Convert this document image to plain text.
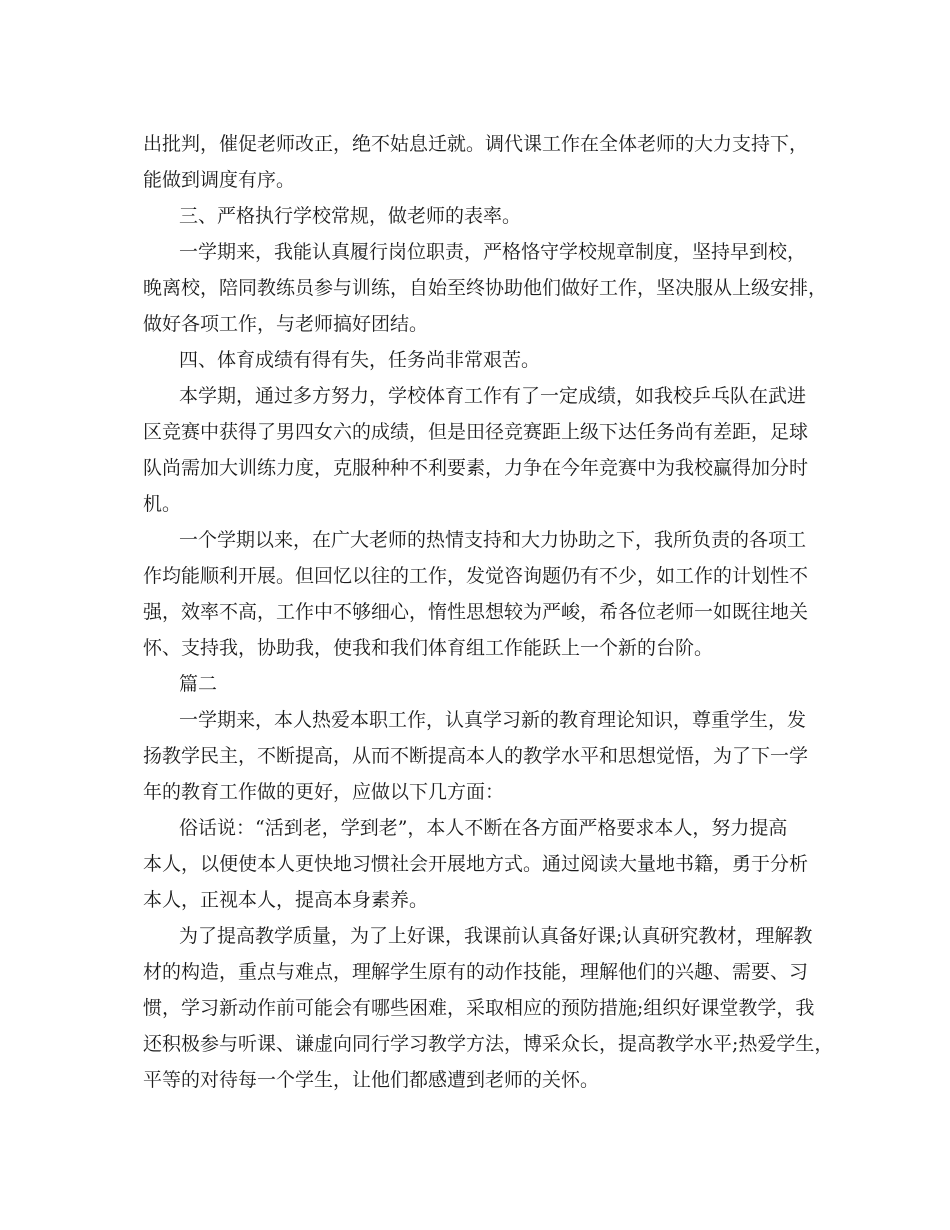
出批判，催促老师改正，绝不姑息迁就。调代课工作在全体老师的大力支持下，
能做到调度有序。
三、严格执行学校常规，做老师的表率。
一学期来，我能认真履行岗位职责，严格恪守学校规章制度，坚持早到校，
晚离校，陪同教练员参与训练，自始至终协助他们做好工作，坚决服从上级安排，
做好各项工作，与老师搞好团结。
四、体育成绩有得有失，任务尚非常艰苦。
本学期，通过多方努力，学校体育工作有了一定成绩，如我校乒乓队在武进
区竞赛中获得了男四女六的成绩，但是田径竞赛距上级下达任务尚有差距，足球
队尚需加大训练力度，克服种种不利要素，力争在今年竞赛中为我校赢得加分时
机。
一个学期以来，在广大老师的热情支持和大力协助之下，我所负责的各项工
作均能顺利开展。但回忆以往的工作，发觉咨询题仍有不少，如工作的计划性不
强，效率不高，工作中不够细心，惰性思想较为严峻，希各位老师一如既往地关
怀、支持我，协助我，使我和我们体育组工作能跃上一个新的台阶。
篇二
一学期来，本人热爱本职工作，认真学习新的教育理论知识，尊重学生，发
扬教学民主，不断提高，从而不断提高本人的教学水平和思想觉悟，为了下一学
年的教育工作做的更好，应做以下几方面：
俗话说：“活到老，学到老”，本人不断在各方面严格要求本人，努力提高
本人，以便使本人更快地习惯社会开展地方式。通过阅读大量地书籍，勇于分析
本人，正视本人，提高本身素养。
为了提高教学质量，为了上好课，我课前认真备好课;认真研究教材，理解教
材的构造，重点与难点，理解学生原有的动作技能，理解他们的兴趣、需要、习
惯，学习新动作前可能会有哪些困难，采取相应的预防措施;组织好课堂教学，我
还积极参与听课、谦虚向同行学习教学方法，博采众长，提高教学水平;热爱学生，
平等的对待每一个学生，让他们都感遭到老师的关怀。
